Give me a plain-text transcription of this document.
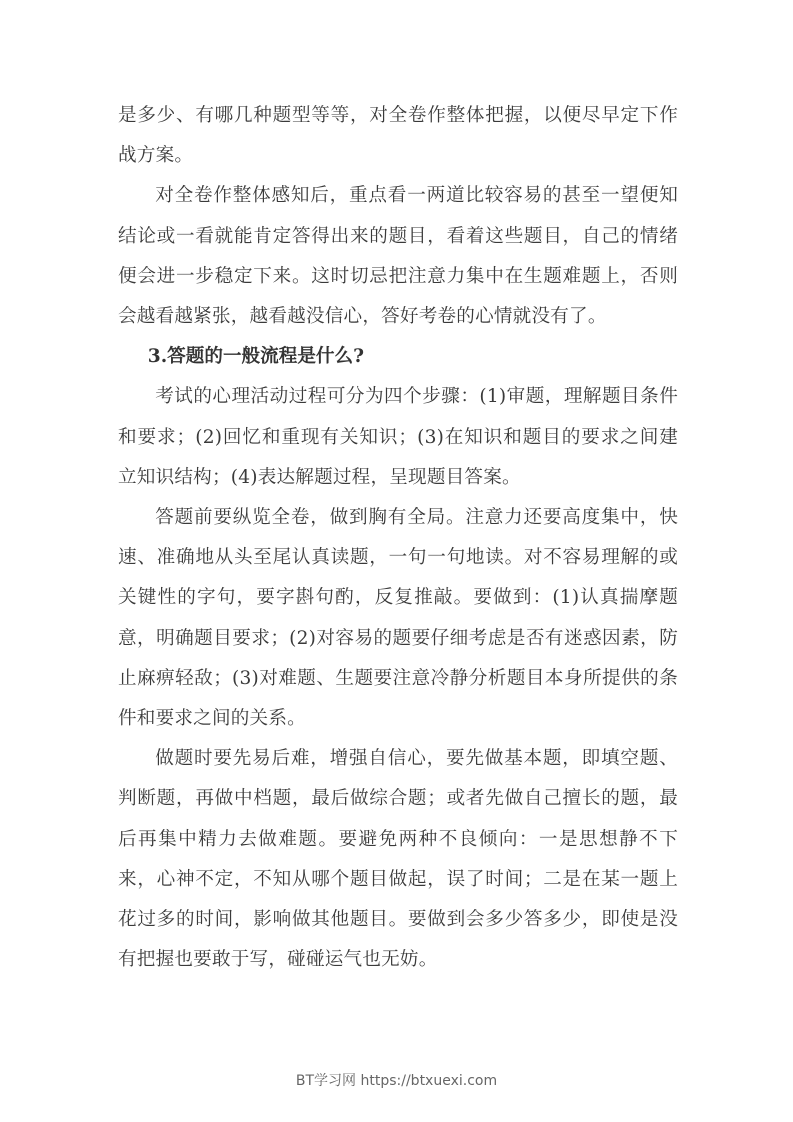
是多少、有哪几种题型等等，对全卷作整体把握，以便尽早定下作战方案。

对全卷作整体感知后，重点看一两道比较容易的甚至一望便知结论或一看就能肯定答得出来的题目，看着这些题目，自己的情绪便会进一步稳定下来。这时切忌把注意力集中在生题难题上，否则会越看越紧张，越看越没信心，答好考卷的心情就没有了。

3.答题的一般流程是什么?

考试的心理活动过程可分为四个步骤：(1)审题，理解题目条件和要求；(2)回忆和重现有关知识；(3)在知识和题目的要求之间建立知识结构；(4)表达解题过程，呈现题目答案。

答题前要纵览全卷，做到胸有全局。注意力还要高度集中，快速、准确地从头至尾认真读题，一句一句地读。对不容易理解的或关键性的字句，要字斟句酌，反复推敲。要做到：(1)认真揣摩题意，明确题目要求；(2)对容易的题要仔细考虑是否有迷惑因素，防止麻痹轻敌；(3)对难题、生题要注意冷静分析题目本身所提供的条件和要求之间的关系。

做题时要先易后难，增强自信心，要先做基本题，即填空题、判断题，再做中档题，最后做综合题；或者先做自己擅长的题，最后再集中精力去做难题。要避免两种不良倾向：一是思想静不下来，心神不定，不知从哪个题目做起，误了时间；二是在某一题上花过多的时间，影响做其他题目。要做到会多少答多少，即使是没有把握也要敢于写，碰碰运气也无妨。

BT学习网 https://btxuexi.com
